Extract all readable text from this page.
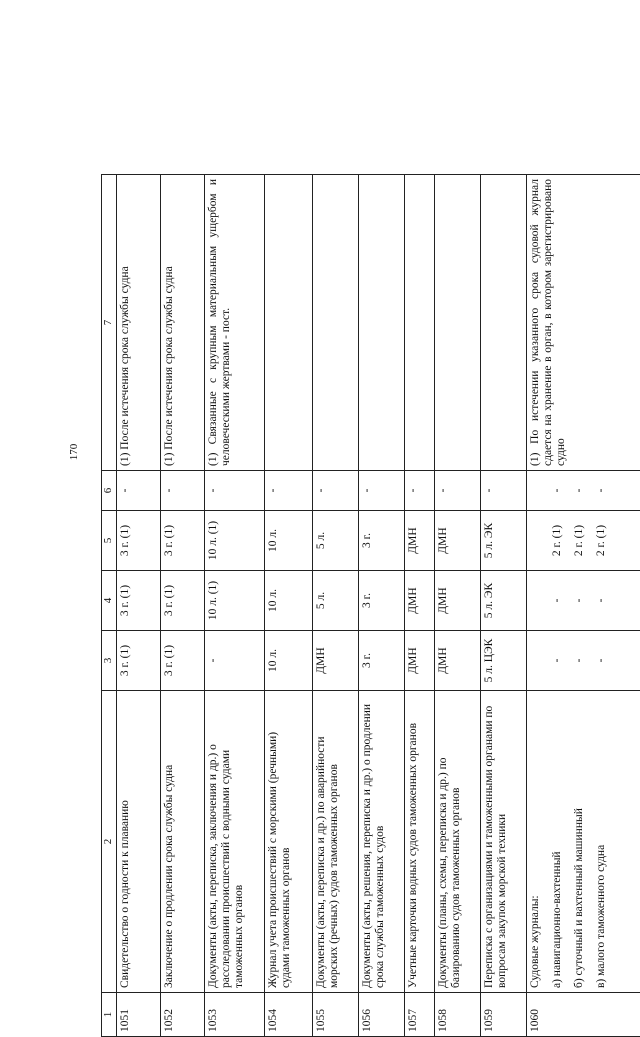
170
1	2	3	4	5	6	7
1051	Свидетельство о годности к плаванию	3 г. (1)	3 г. (1)	3 г. (1)	-	(1) После истечения срока службы судна
1052	Заключение о продлении срока службы судна	3 г. (1)	3 г. (1)	3 г. (1)	-	(1) После истечения срока службы судна
1053	Документы (акты, переписка, заключения и др.) о расследовании происшествий с водными судами таможенных органов	-	10 л. (1)	10 л. (1)	-	(1) Связанные с крупным материальным ущербом и человеческими жертвами - пост.
1054	Журнал учета происшествий с морскими (речными) судами таможенных органов	10 л.	10 л.	10 л.	-	
1055	Документы (акты, переписка и др.) по аварийности морских (речных) судов таможенных органов	ДМН	5 л.	5 л.	-	
1056	Документы (акты, решения, переписка и др.) о продлении срока службы таможенных судов	3 г.	3 г.	3 г.	-	
1057	Учетные карточки водных судов таможенных органов	ДМН	ДМН	ДМН	-	
1058	Документы (планы, схемы, переписка и др.) по базированию судов таможенных органов	ДМН	ДМН	ДМН	-	
1059	Переписка с организациями и таможенными органами по вопросам закупок морской техники	5 л. ЦЭК	5 л. ЭК	5 л. ЭК	-	
1060	Судовые журналы: а) навигационно-вахтенный б) суточный и вахтенный машинный в) малого таможенного судна	- - -	- - -	2 г. (1) 2 г. (1) 2 г. (1)	- - -	(1) По истечении указанного срока судовой журнал сдается на хранение в орган, в котором зарегистрировано судно
